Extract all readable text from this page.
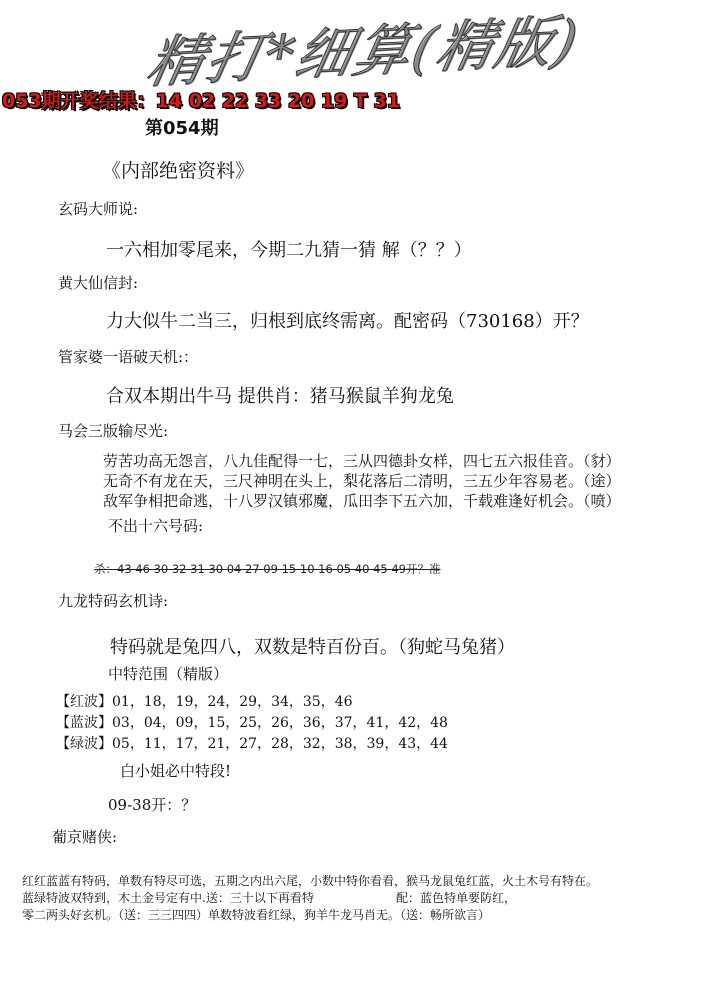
精打*细算(精版)
053期开奖结果：14 02 22 33 20 19 T 31
第054期
《内部绝密资料》
玄码大师说:
一六相加零尾来，今期二九猜一猜 解（？？）
黄大仙信封:
力大似牛二当三，归根到底终需离。配密码（730168）开？
管家婆一语破天机:：
合双本期出牛马 提供肖：猪马猴鼠羊狗龙兔
马会三版输尽光:
劳苦功高无怨言，八九佳配得一七，三从四德卦女样，四七五六报佳音。（豺）
无奇不有龙在天，三尺神明在头上，梨花落后二清明，三五少年容易老。（途）
敌军争相把命逃，十八罗汉镇邪魔，瓜田李下五六加，千载难逢好机会。（喷）
不出十六号码:
杀：43 46 30 32 31 30 04 27 09 15 10 16 05 40 45 49开？准
九龙特码玄机诗:
特码就是兔四八，双数是特百份百。（狗蛇马兔猪）
中特范围（精版）
【红波】01，18，19，24，29，34，35，46
【蓝波】03，04，09，15，25，26，36，37，41，42，48
【绿波】05，11，17，21，27，28，32，38，39，43，44
白小姐必中特段!
09-38开：？
葡京赌侠:
红红蓝蓝有特码，单数有特尽可选，五期之内出六尾，小数中特你看看，猴马龙鼠兔红蓝，火土木号有特在。
蓝绿特波双特到，木土金号定有中.送：三十以下再看特	配：蓝色特单要防红，
零二两头好玄机。（送：三三四四）单数特波看红绿，狗羊牛龙马肖无。（送：畅所欲言）
